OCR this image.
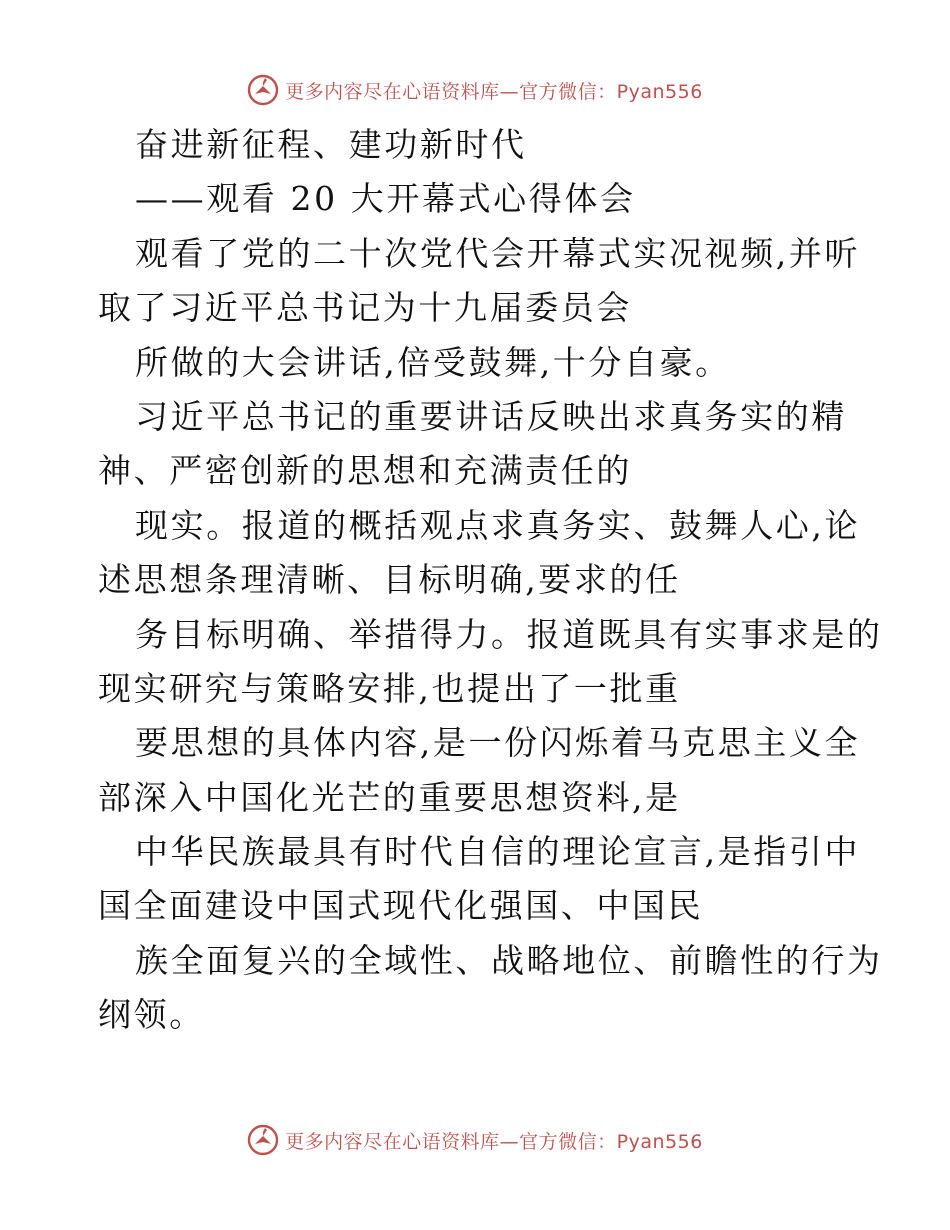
更多内容尽在心语资料库—官方微信：Pyan556
奋进新征程、建功新时代
——观看 20 大开幕式心得体会
观看了党的二十次党代会开幕式实况视频,并听
取了习近平总书记为十九届委员会
所做的大会讲话,倍受鼓舞,十分自豪。
习近平总书记的重要讲话反映出求真务实的精
神、严密创新的思想和充满责任的
现实。报道的概括观点求真务实、鼓舞人心,论
述思想条理清晰、目标明确,要求的任
务目标明确、举措得力。报道既具有实事求是的
现实研究与策略安排,也提出了一批重
要思想的具体内容,是一份闪烁着马克思主义全
部深入中国化光芒的重要思想资料,是
中华民族最具有时代自信的理论宣言,是指引中
国全面建设中国式现代化强国、中国民
族全面复兴的全域性、战略地位、前瞻性的行为
纲领。
更多内容尽在心语资料库—官方微信：Pyan556
